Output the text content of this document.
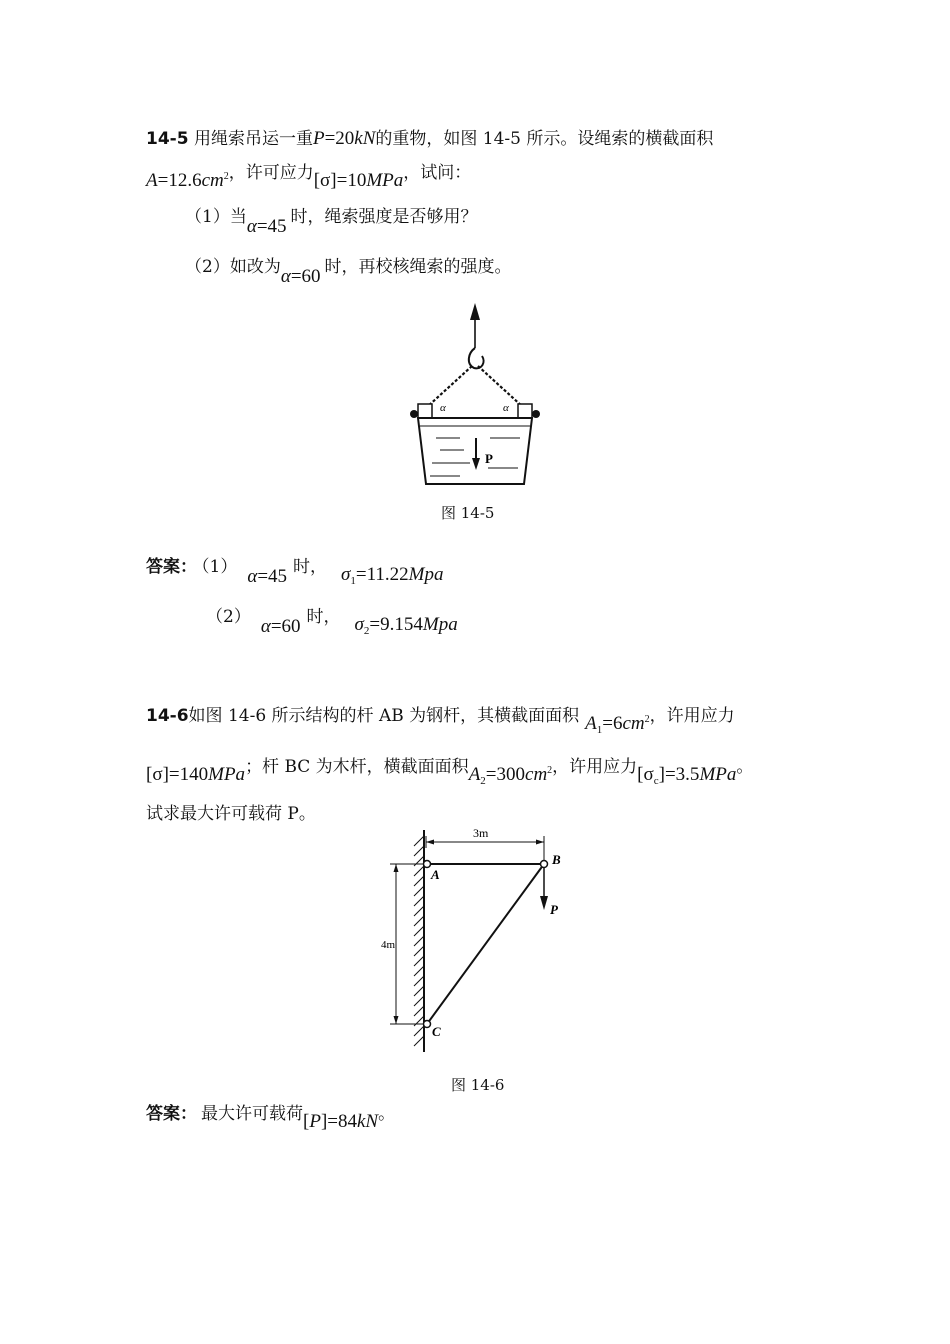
14-5 用绳索吊运一重P=20kN的重物，如图 14-5 所示。设绳索的横截面积
$A=12.6cm^2$，许可应力[σ]=10MPa，试问：
（1）当α=45 时，绳索强度是否够用？
（2）如改为α=60 时，再校核绳索的强度。
α	α
P
图 14-5
答案： （1） α=45 时， $\sigma_1=11.22Mpa$
（2） α=60 时， $\sigma_2=9.154Mpa$
14-6如图 14-6 所示结构的杆 AB 为钢杆，其横截面面积 $A_1=6cm^2$，许用应力
[σ]=140MPa；杆 BC 为木杆，横截面面积$A_2=300cm^2$，许用应力$[\sigma_c]=3.5MPa$。
试求最大许可载荷 P。
3m
4m
P
A
B
C
图 14-6
答案： 最大许可载荷[P]=84kN。
